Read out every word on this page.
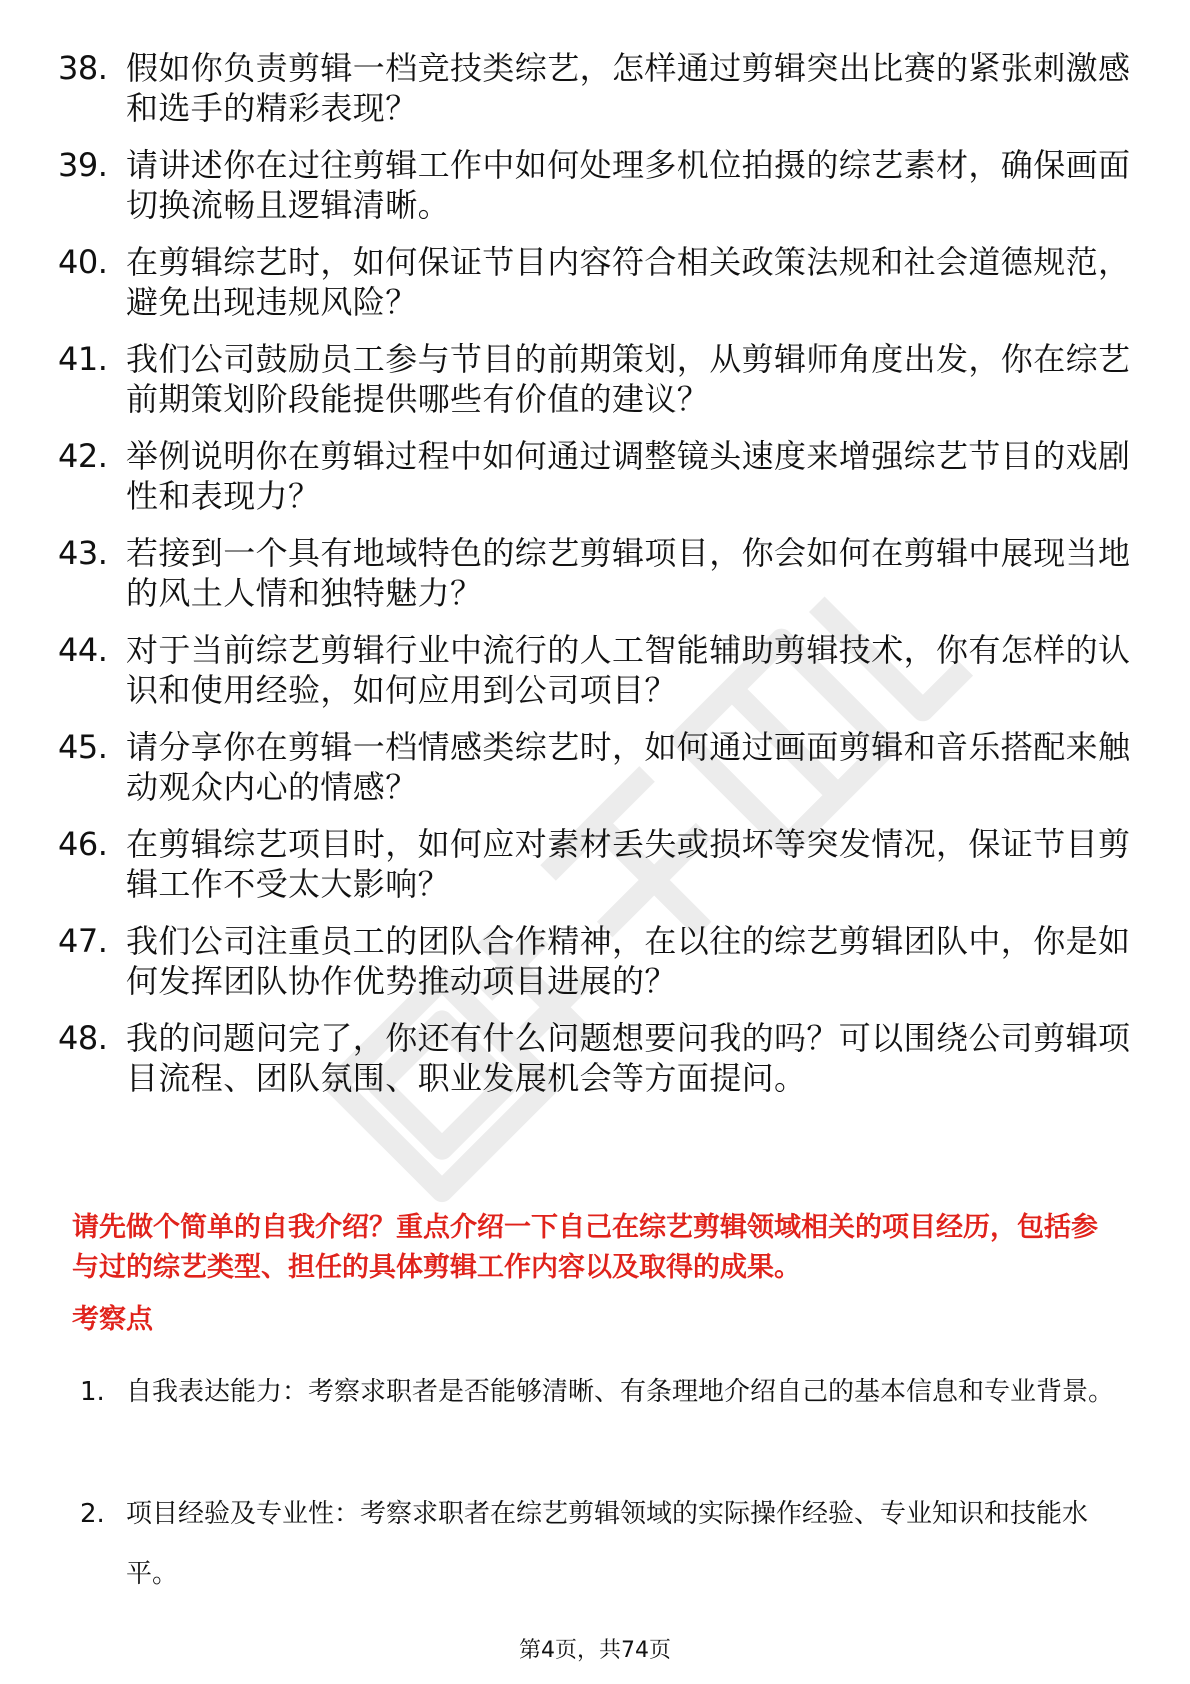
38. 假如你负责剪辑一档竞技类综艺，怎样通过剪辑突出比赛的紧张刺激感和选手的精彩表现？
39. 请讲述你在过往剪辑工作中如何处理多机位拍摄的综艺素材，确保画面切换流畅且逻辑清晰。
40. 在剪辑综艺时，如何保证节目内容符合相关政策法规和社会道德规范，避免出现违规风险？
41. 我们公司鼓励员工参与节目的前期策划，从剪辑师角度出发，你在综艺前期策划阶段能提供哪些有价值的建议？
42. 举例说明你在剪辑过程中如何通过调整镜头速度来增强综艺节目的戏剧性和表现力？
43. 若接到一个具有地域特色的综艺剪辑项目，你会如何在剪辑中展现当地的风土人情和独特魅力？
44. 对于当前综艺剪辑行业中流行的人工智能辅助剪辑技术，你有怎样的认识和使用经验，如何应用到公司项目？
45. 请分享你在剪辑一档情感类综艺时，如何通过画面剪辑和音乐搭配来触动观众内心的情感？
46. 在剪辑综艺项目时，如何应对素材丢失或损坏等突发情况，保证节目剪辑工作不受太大影响？
47. 我们公司注重员工的团队合作精神，在以往的综艺剪辑团队中，你是如何发挥团队协作优势推动项目进展的？
48. 我的问题问完了，你还有什么问题想要问我的吗？可以围绕公司剪辑项目流程、团队氛围、职业发展机会等方面提问。
请先做个简单的自我介绍？重点介绍一下自己在综艺剪辑领域相关的项目经历，包括参与过的综艺类型、担任的具体剪辑工作内容以及取得的成果。
考察点
1. 自我表达能力：考察求职者是否能够清晰、有条理地介绍自己的基本信息和专业背景。
2. 项目经验及专业性：考察求职者在综艺剪辑领域的实际操作经验、专业知识和技能水平。
第4页，共74页
